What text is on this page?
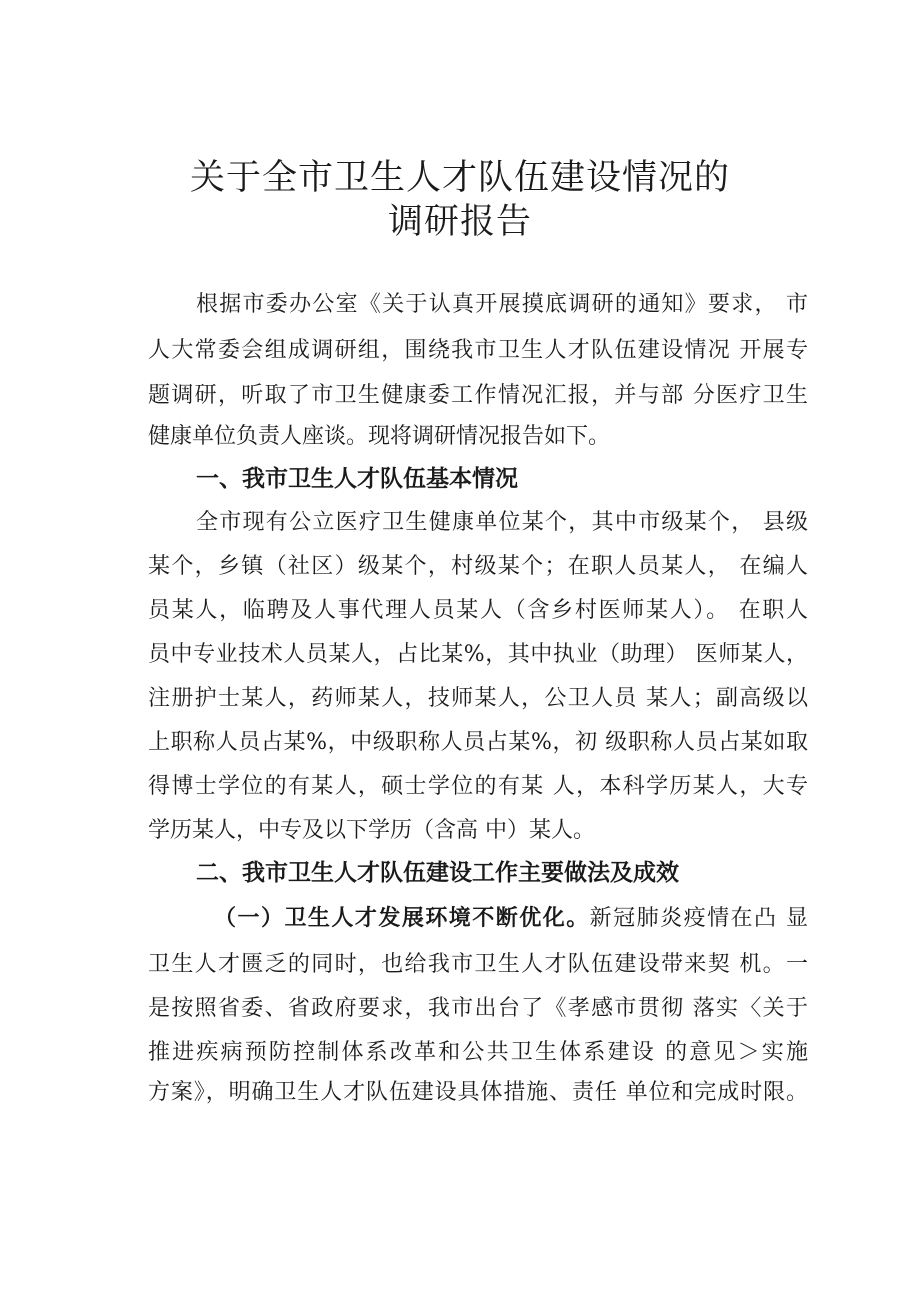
关于全市卫生人才队伍建设情况的
调研报告
根据市委办公室《关于认真开展摸底调研的通知》要求， 市
人大常委会组成调研组，围绕我市卫生人才队伍建设情况 开展专
题调研，听取了市卫生健康委工作情况汇报，并与部 分医疗卫生
健康单位负责人座谈。现将调研情况报告如下。
一、我市卫生人才队伍基本情况
全市现有公立医疗卫生健康单位某个，其中市级某个， 县级
某个，乡镇（社区）级某个，村级某个；在职人员某人， 在编人
员某人，临聘及人事代理人员某人（含乡村医师某人）。 在职人
员中专业技术人员某人，占比某%，其中执业（助理） 医师某人，
注册护士某人，药师某人，技师某人，公卫人员 某人；副高级以
上职称人员占某%，中级职称人员占某%，初 级职称人员占某如取
得博士学位的有某人，硕士学位的有某 人，本科学历某人，大专
学历某人，中专及以下学历（含高 中）某人。
二、我市卫生人才队伍建设工作主要做法及成效
（一）卫生人才发展环境不断优化。新冠肺炎疫情在凸 显
卫生人才匮乏的同时，也给我市卫生人才队伍建设带来契 机。一
是按照省委、省政府要求，我市出台了《孝感市贯彻 落实〈关于
推进疾病预防控制体系改革和公共卫生体系建设 的意见＞实施
方案》，明确卫生人才队伍建设具体措施、责任 单位和完成时限。
